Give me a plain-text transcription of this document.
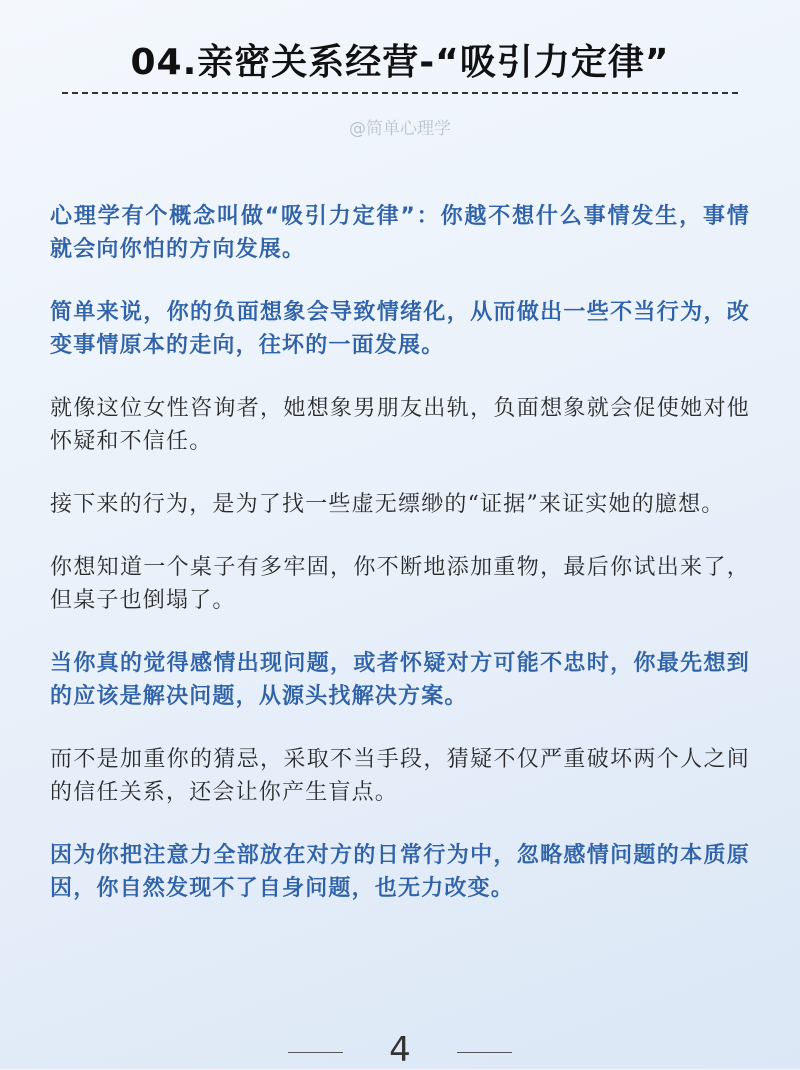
04.亲密关系经营-“吸引力定律”
@简单心理学

心理学有个概念叫做“吸引力定律”：你越不想什么事情发生，事情就会向你怕的方向发展。

简单来说，你的负面想象会导致情绪化，从而做出一些不当行为，改变事情原本的走向，往坏的一面发展。

就像这位女性咨询者，她想象男朋友出轨，负面想象就会促使她对他怀疑和不信任。

接下来的行为，是为了找一些虚无缥缈的“证据”来证实她的臆想。

你想知道一个桌子有多牢固，你不断地添加重物，最后你试出来了，但桌子也倒塌了。

当你真的觉得感情出现问题，或者怀疑对方可能不忠时，你最先想到的应该是解决问题，从源头找解决方案。

而不是加重你的猜忌，采取不当手段，猜疑不仅严重破坏两个人之间的信任关系，还会让你产生盲点。

因为你把注意力全部放在对方的日常行为中，忽略感情问题的本质原因，你自然发现不了自身问题，也无力改变。

4
